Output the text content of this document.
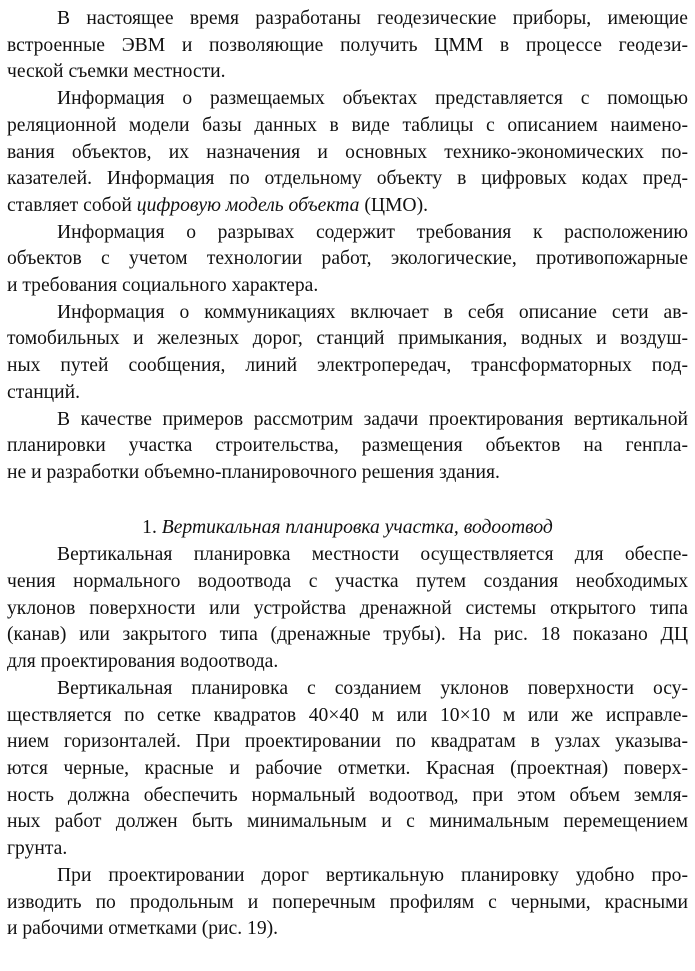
В настоящее время разработаны геодезические приборы, имеющие
встроенные ЭВМ и позволяющие получить ЦММ в процессе геодези-
ческой съемки местности.

Информация о размещаемых объектах представляется с помощью
реляционной модели базы данных в виде таблицы с описанием наимено-
вания объектов, их назначения и основных технико-экономических по-
казателей. Информация по отдельному объекту в цифровых кодах пред-
ставляет собой цифровую модель объекта (ЦМО).

Информация о разрывах содержит требования к расположению
объектов с учетом технологии работ, экологические, противопожарные
и требования социального характера.

Информация о коммуникациях включает в себя описание сети ав-
томобильных и железных дорог, станций примыкания, водных и воздуш-
ных путей сообщения, линий электропередач, трансформаторных под-
станций.

В качестве примеров рассмотрим задачи проектирования вертикальной
планировки участка строительства, размещения объектов на генпла-
не и разработки объемно-планировочного решения здания.

1. Вертикальная планировка участка, водоотвод

Вертикальная планировка местности осуществляется для обеспе-
чения нормального водоотвода с участка путем создания необходимых
уклонов поверхности или устройства дренажной системы открытого типа
(канав) или закрытого типа (дренажные трубы). На рис. 18 показано ДЦ
для проектирования водоотвода.

Вертикальная планировка с созданием уклонов поверхности осу-
ществляется по сетке квадратов 40×40 м или 10×10 м или же исправле-
нием горизонталей. При проектировании по квадратам в узлах указыва-
ются черные, красные и рабочие отметки. Красная (проектная) поверх-
ность должна обеспечить нормальный водоотвод, при этом объем земля-
ных работ должен быть минимальным и с минимальным перемещением
грунта.

При проектировании дорог вертикальную планировку удобно про-
изводить по продольным и поперечным профилям с черными, красными
и рабочими отметками (рис. 19).
